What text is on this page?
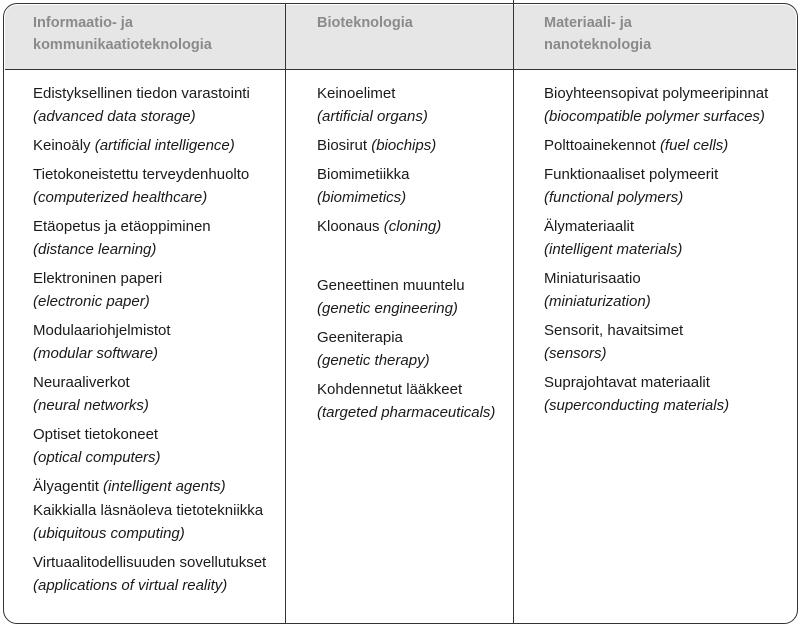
Informaatio- ja
kommunikaatioteknologia
Bioteknologia	Materiaali- ja
nanoteknologia
Edistyksellinen tiedon varastointi
(advanced data storage)
Keinoäly (artificial intelligence)
Tietokoneistettu terveydenhuolto
(computerized healthcare)
Etäopetus ja etäoppiminen
(distance learning)
Elektroninen paperi
(electronic paper)
Modulaariohjelmistot
(modular software)
Neuraaliverkot
(neural networks)
Optiset tietokoneet
(optical computers)
Älyagentit (intelligent agents)
Kaikkialla läsnäoleva tietotekniikka
(ubiquitous computing)
Virtuaalitodellisuuden sovellutukset
(applications of virtual reality)
Keinoelimet
(artificial organs)
Biosirut (biochips)
Biomimetiikka
(biomimetics)
Kloonaus (cloning)
Geneettinen muuntelu
(genetic engineering)
Geeniterapia
(genetic therapy)
Kohdennetut lääkkeet
(targeted pharmaceuticals)
Bioyhteensopivat polymeeripinnat
(biocompatible polymer surfaces)
Polttoainekennot (fuel cells)
Funktionaaliset polymeerit
(functional polymers)
Älymateriaalit
(intelligent materials)
Miniaturisaatio
(miniaturization)
Sensorit, havaitsimet
(sensors)
Suprajohtavat materiaalit
(superconducting materials)
